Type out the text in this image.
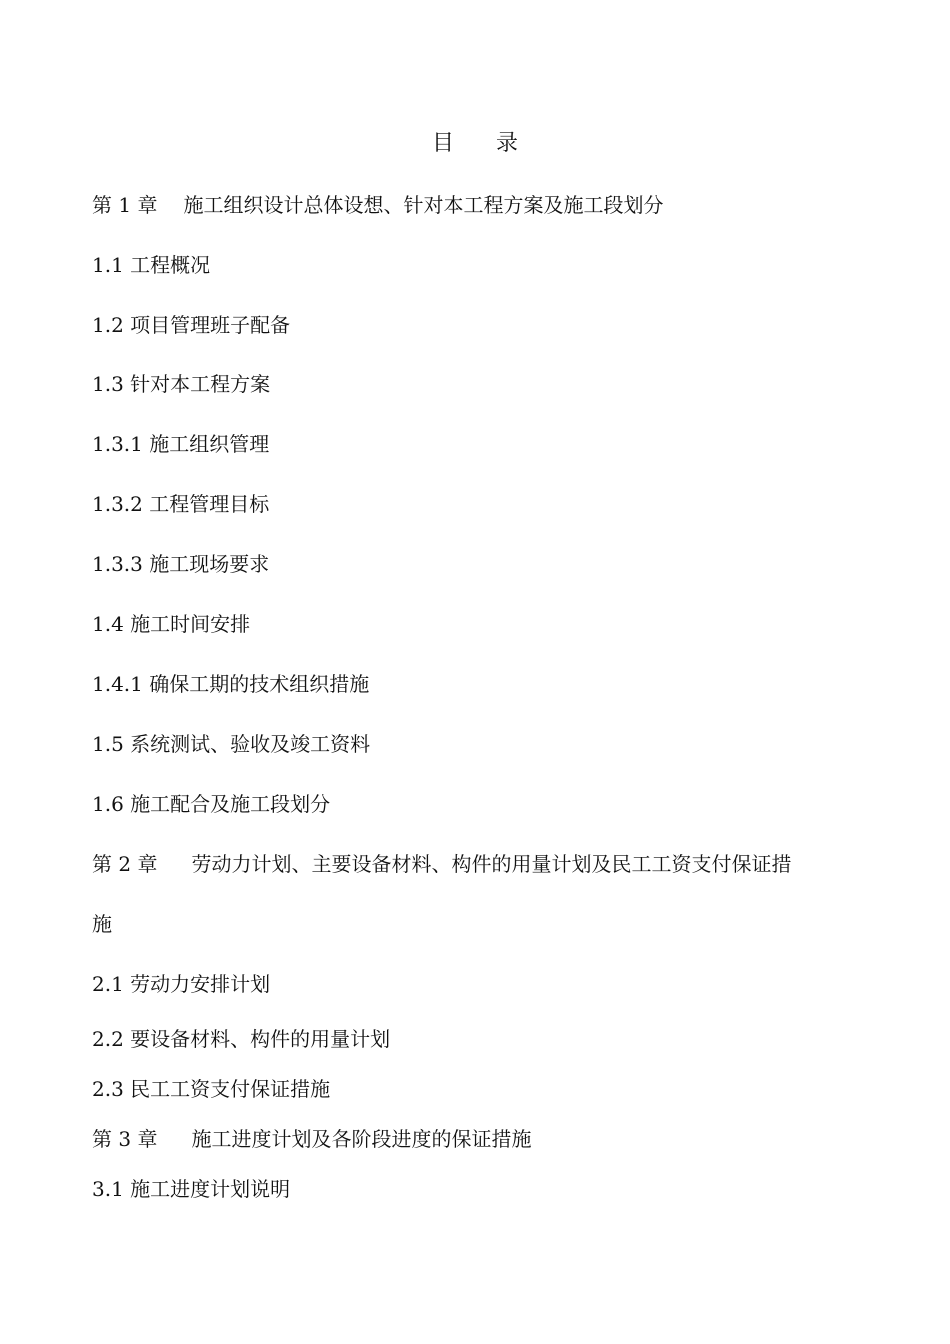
目 录
第 1 章 施工组织设计总体设想、针对本工程方案及施工段划分
1.1 工程概况
1.2 项目管理班子配备
1.3 针对本工程方案
1.3.1 施工组织管理
1.3.2 工程管理目标
1.3.3 施工现场要求
1.4 施工时间安排
1.4.1 确保工期的技术组织措施
1.5 系统测试、验收及竣工资料
1.6 施工配合及施工段划分
第 2 章 劳动力计划、主要设备材料、构件的用量计划及民工工资支付保证措
施
2.1 劳动力安排计划
2.2 要设备材料、构件的用量计划
2.3 民工工资支付保证措施
第 3 章 施工进度计划及各阶段进度的保证措施
3.1 施工进度计划说明
